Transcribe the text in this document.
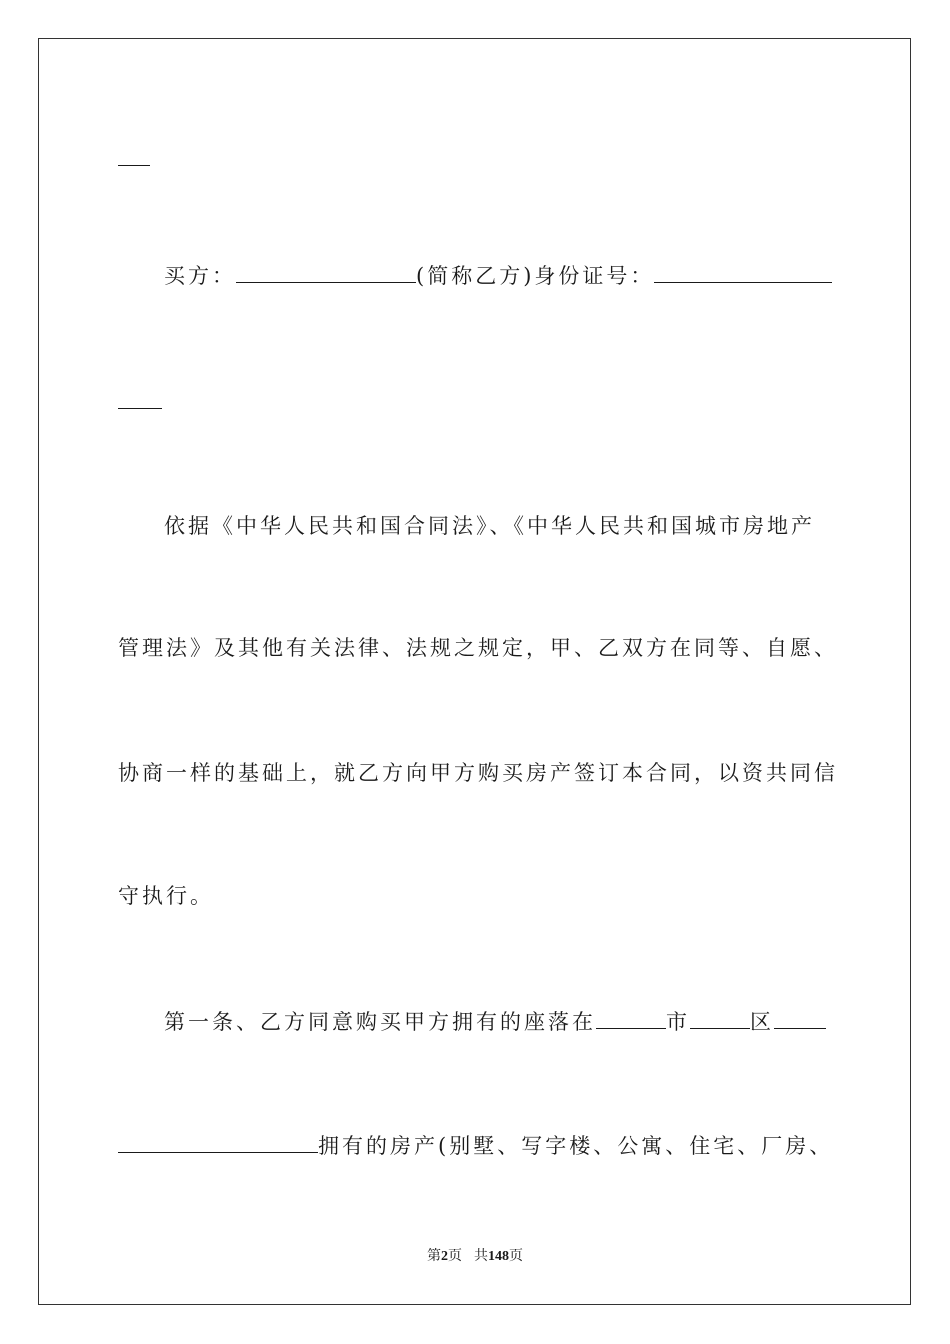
买方：	(简称乙方)身份证号：
依据《中华人民共和国合同法》、《中华人民共和国城市房地产
管理法》及其他有关法律、法规之规定，甲、乙双方在同等、自愿、
协商一样的基础上，就乙方向甲方购买房产签订本合同，以资共同信
守执行。
第一条、乙方同意购买甲方拥有的座落在	市	区
拥有的房产(别墅、写字楼、公寓、住宅、厂房、
第2页 共148页
